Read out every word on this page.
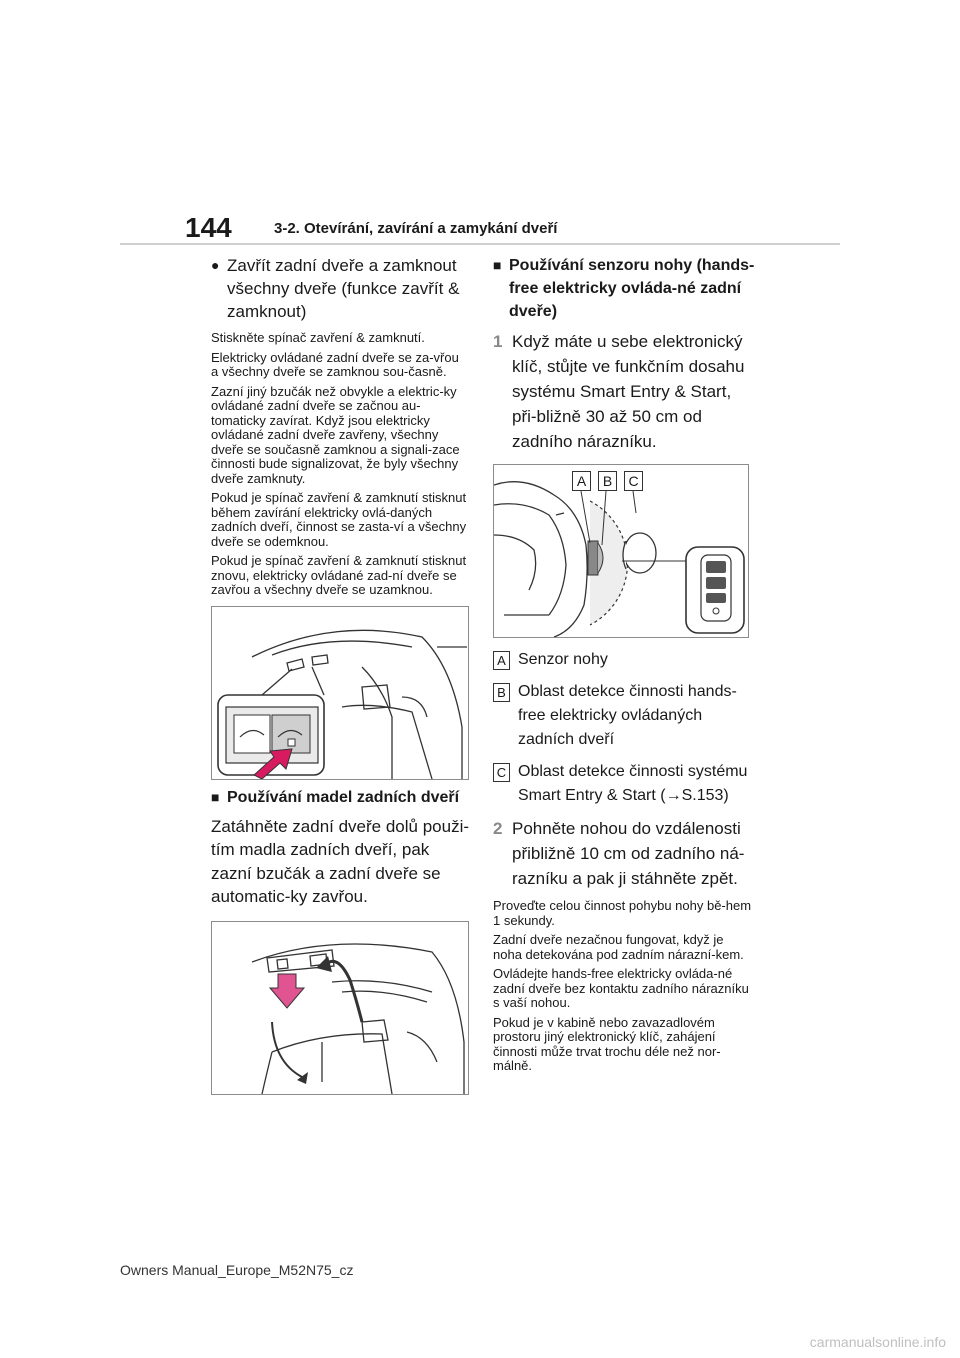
144	3-2. Otevírání, zavírání a zamykání dveří
● Zavřít zadní dveře a zamknout všechny dveře (funkce zavřít & zamknout)

Stiskněte spínač zavření & zamknutí.

Elektricky ovládané zadní dveře se za-vřou a všechny dveře se zamknou sou-časně.

Zazní jiný bzučák než obvykle a elektric-ky ovládané zadní dveře se začnou au-tomaticky zavírat. Když jsou elektricky ovládané zadní dveře zavřeny, všechny dveře se současně zamknou a signali-zace činnosti bude signalizovat, že byly všechny dveře zamknuty.

Pokud je spínač zavření & zamknutí stisknut během zavírání elektricky ovlá-daných zadních dveří, činnost se zasta-ví a všechny dveře se odemknou.

Pokud je spínač zavření & zamknutí stisknut znovu, elektricky ovládané zad-ní dveře se zavřou a všechny dveře se uzamknou.

■ Používání madel zadních dveří

Zatáhněte zadní dveře dolů použi-tím madla zadních dveří, pak zazní bzučák a zadní dveře se automatic-ky zavřou.

■ Používání senzoru nohy (hands-free elektricky ovláda-né zadní dveře)
1 Když máte u sebe elektronický klíč, stůjte ve funkčním dosahu systému Smart Entry & Start, při-bližně 30 až 50 cm od zadního nárazníku.
A	B	C
A Senzor nohy
B Oblast detekce činnosti hands-free elektricky ovládaných zadních dveří
C Oblast detekce činnosti systému Smart Entry & Start (→S.153)
2 Pohněte nohou do vzdálenosti přibližně 10 cm od zadního ná-razníku a pak ji stáhněte zpět.

Proveďte celou činnost pohybu nohy bě-hem 1 sekundy.

Zadní dveře nezačnou fungovat, když je noha detekována pod zadním nárazní-kem.

Ovládejte hands-free elektricky ovláda-né zadní dveře bez kontaktu zadního nárazníku s vaší nohou.

Pokud je v kabině nebo zavazadlovém prostoru jiný elektronický klíč, zahájení činnosti může trvat trochu déle než nor-málně.

Owners Manual_Europe_M52N75_cz
carmanualsonline.info
